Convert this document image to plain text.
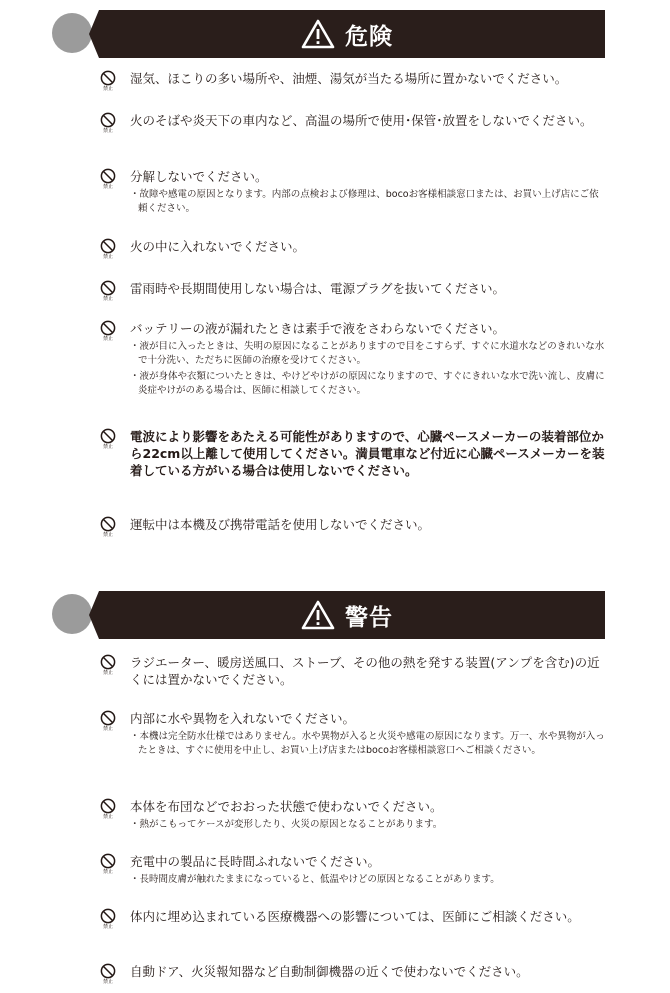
危険
禁止
湿気、ほこりの多い場所や、油煙、湯気が当たる場所に置かないでください。
禁止
火のそばや炎天下の車内など、高温の場所で使用･保管･放置をしないでください。
禁止
分解しないでください。
・故障や感電の原因となります。内部の点検および修理は、bocoお客様相談窓口または、お買い上げ店にご依頼ください。
禁止
火の中に入れないでください。
禁止
雷雨時や長期間使用しない場合は、電源プラグを抜いてください。
禁止
バッテリーの液が漏れたときは素手で液をさわらないでください。
・液が目に入ったときは、失明の原因になることがありますので目をこすらず、すぐに水道水などのきれいな水で十分洗い、ただちに医師の治療を受けてください。
・液が身体や衣類についたときは、やけどやけがの原因になりますので、すぐにきれいな水で洗い流し、皮膚に炎症やけがのある場合は、医師に相談してください。
禁止
電波により影響をあたえる可能性がありますので、心臓ペースメーカーの装着部位から22cm以上離して使用してください。満員電車など付近に心臓ペースメーカーを装着している方がいる場合は使用しないでください。
禁止
運転中は本機及び携帯電話を使用しないでください。
警告
禁止
ラジエーター、暖房送風口、ストーブ、その他の熱を発する装置(アンプを含む)の近くには置かないでください。
禁止
内部に水や異物を入れないでください。
・本機は完全防水仕様ではありません。水や異物が入ると火災や感電の原因になります。万一、水や異物が入ったときは、すぐに使用を中止し、お買い上げ店またはbocoお客様相談窓口へご相談ください。
禁止
本体を布団などでおおった状態で使わないでください。
・熱がこもってケースが変形したり、火災の原因となることがあります。
禁止
充電中の製品に長時間ふれないでください。
・長時間皮膚が触れたままになっていると、低温やけどの原因となることがあります。
禁止
体内に埋め込まれている医療機器への影響については、医師にご相談ください。
禁止
自動ドア、火災報知器など自動制御機器の近くで使わないでください。
